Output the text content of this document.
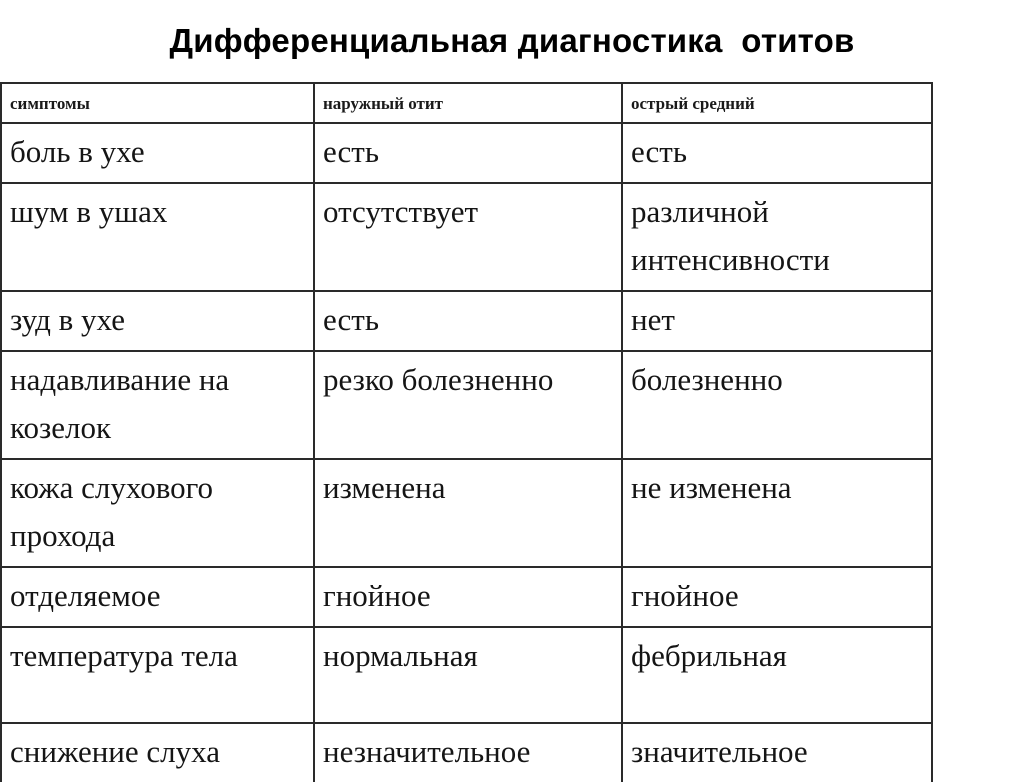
Дифференциальная диагностика  отитов
симптомы	наружный отит	острый средний
боль в ухе	есть	есть
шум в ушах	отсутствует	различной интенсивности
зуд в ухе	есть	нет
надавливание на козелок	резко болезненно	болезненно
кожа слухового прохода	изменена	не изменена
отделяемое	гнойное	гнойное
температура тела	нормальная	фебрильная
снижение слуха	незначительное	значительное
